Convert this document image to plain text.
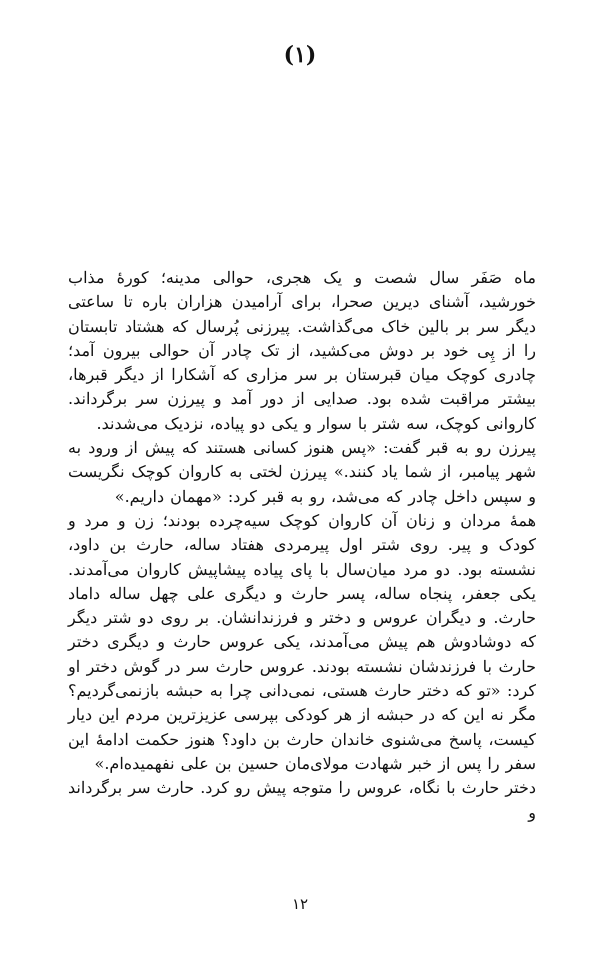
(۱)

ماه صَفَر سال شصت و یک هجری، حوالی مدینه؛ کورهٔ مذاب خورشید، آشنای دیرین صحرا، برای آرامیدن هزاران باره تا ساعتی دیگر سر بر بالین خاک می‌گذاشت. پیرزنی پُرسال که هشتاد تابستان را از پِی خود بر دوش می‌کشید، از تک چادر آن حوالی بیرون آمد؛ چادری کوچک میان قبرستان بر سر مزاری که آشکارا از دیگر قبرها، بیشتر مراقبت شده بود. صدایی از دور آمد و پیرزن سر برگرداند. کاروانی کوچک، سه شتر با سوار و یکی دو پیاده، نزدیک می‌شدند.

پیرزن رو به قبر گفت: «پس هنوز کسانی هستند که پیش از ورود به شهر پیامبر، از شما یاد کنند.» پیرزن لختی به کاروان کوچک نگریست و سپس داخل چادر که می‌شد، رو به قبر کرد: «مهمان داریم.»

همهٔ مردان و زنان آن کاروان کوچک سیه‌چرده بودند؛ زن و مرد و کودک و پیر. روی شتر اول پیرمردی هفتاد ساله، حارث بن داود، نشسته بود. دو مرد میان‌سال با پای پیاده پیشاپیش کاروان می‌آمدند. یکی جعفر، پنجاه ساله، پسر حارث و دیگری علی چهل ساله داماد حارث. و دیگران عروس و دختر و فرزندانشان. بر روی دو شتر دیگر که دوشادوش هم پیش می‌آمدند، یکی عروس حارث و دیگری دختر حارث با فرزندشان نشسته بودند. عروس حارث سر در گوش دختر او کرد: «تو که دختر حارث هستی، نمی‌دانی چرا به حبشه بازنمی‌گردیم؟ مگر نه این که در حبشه از هر کودکی بپرسی عزیزترین مردم این دیار کیست، پاسخ می‌شنوی خاندان حارث بن داود؟ هنوز حکمت ادامهٔ این سفر را پس از خبر شهادت مولای‌مان حسین بن علی نفهمیده‌ام.»

دختر حارث با نگاه، عروس را متوجه پیش رو کرد. حارث سر برگرداند و

۱۲
